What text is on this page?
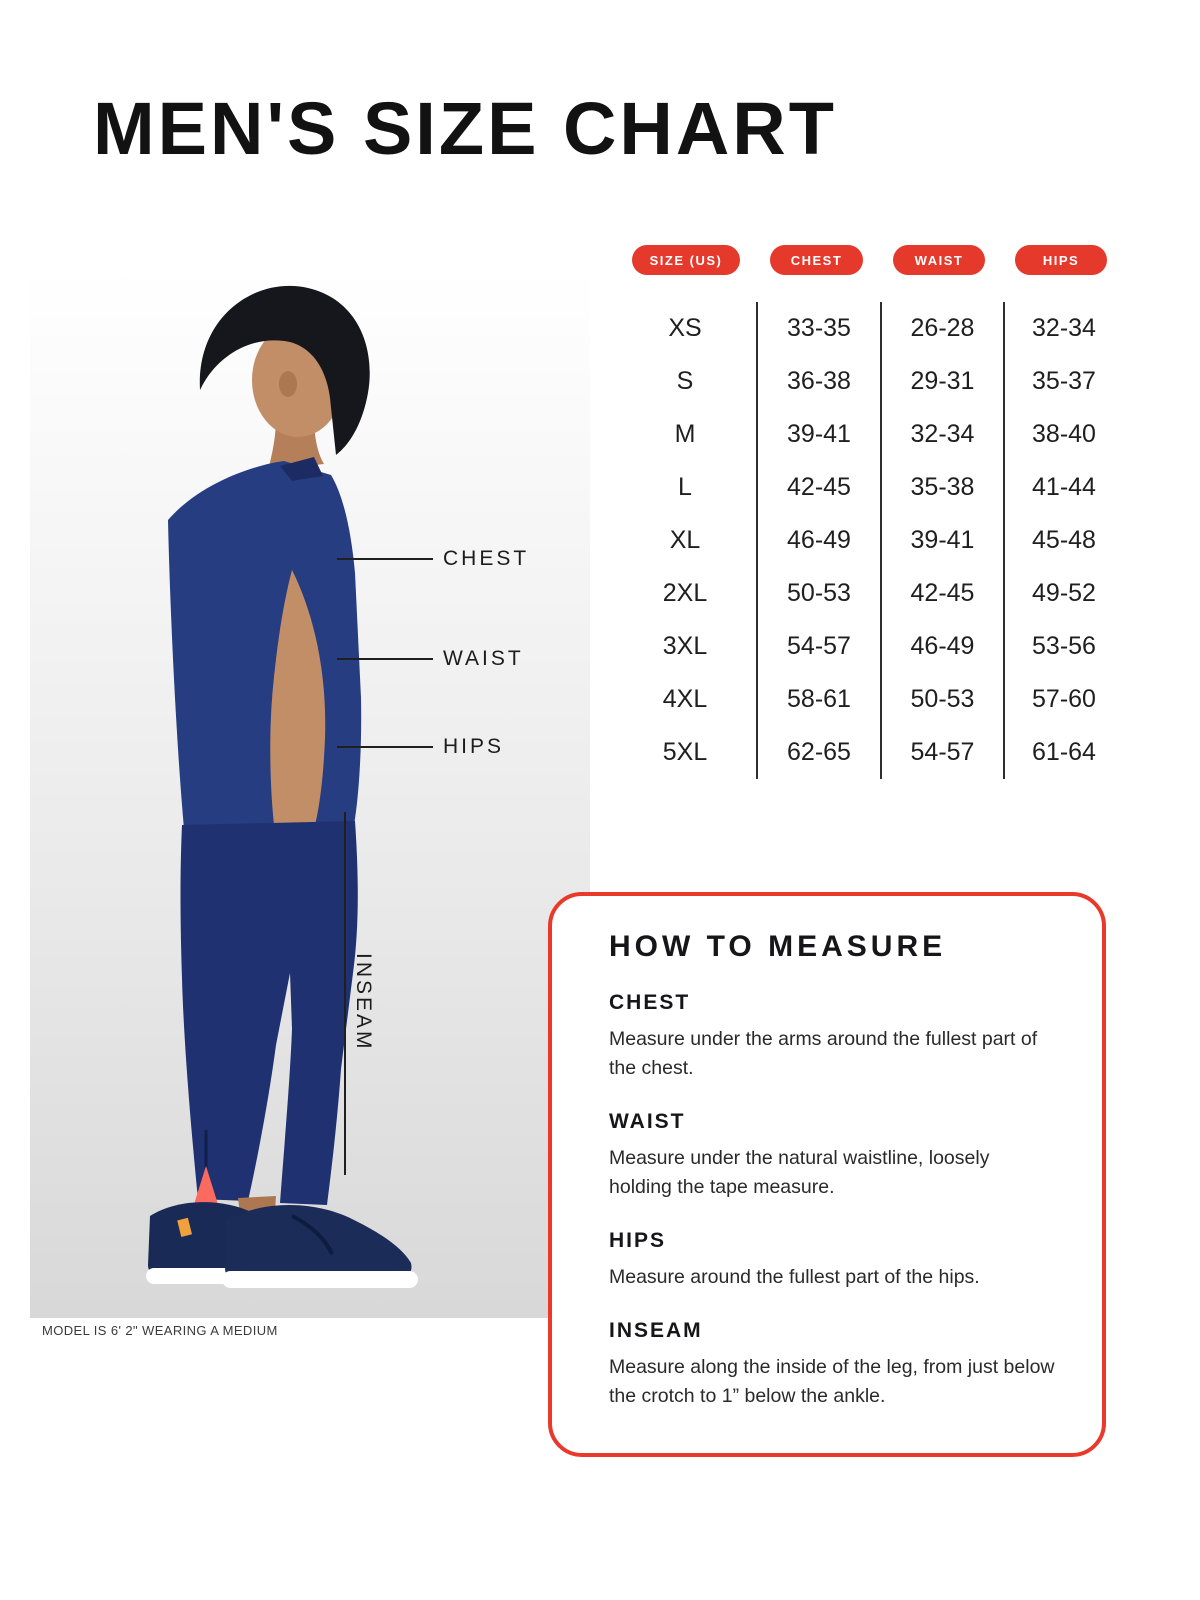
MEN'S SIZE CHART
MODEL IS 6' 2" WEARING A MEDIUM
CHEST
WAIST
HIPS
INSEAM
SIZE (US)	CHEST	WAIST	HIPS
XS	33-35	26-28	32-34
S	36-38	29-31	35-37
M	39-41	32-34	38-40
L	42-45	35-38	41-44
XL	46-49	39-41	45-48
2XL	50-53	42-45	49-52
3XL	54-57	46-49	53-56
4XL	58-61	50-53	57-60
5XL	62-65	54-57	61-64
HOW TO MEASURE
CHEST

Measure under the arms around the fullest part of the chest.

WAIST

Measure under the natural waistline, loosely holding the tape measure.

HIPS

Measure around the fullest part of the hips.

INSEAM

Measure along the inside of the leg, from just below the crotch to 1” below the ankle.
